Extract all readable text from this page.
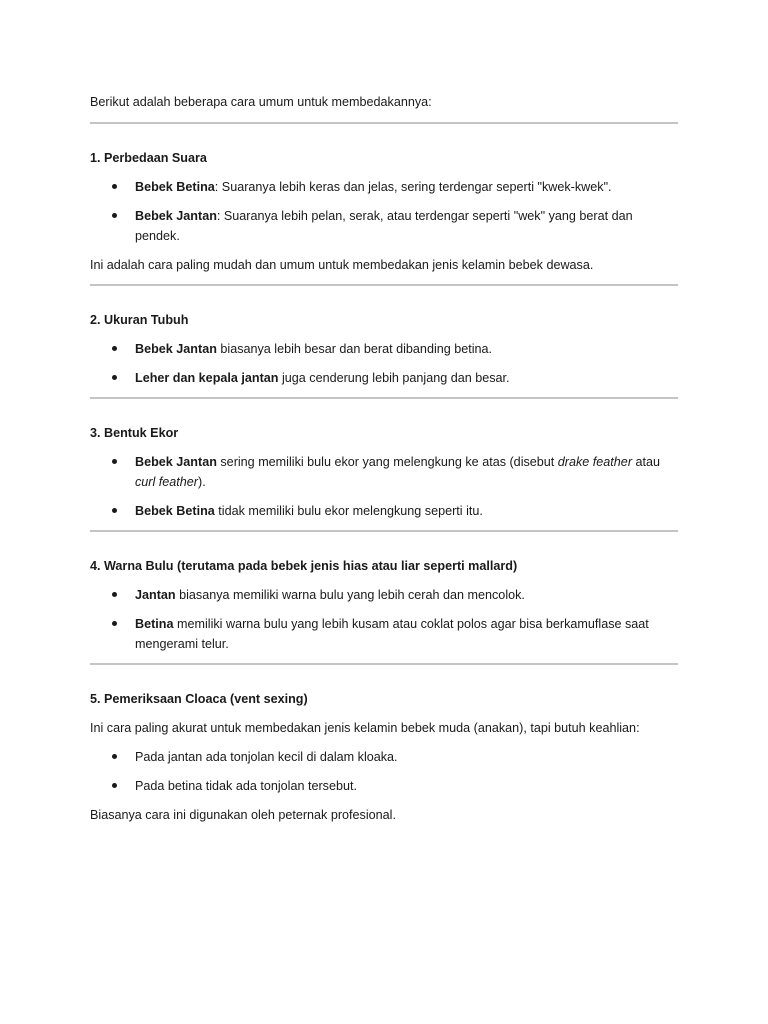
Berikut adalah beberapa cara umum untuk membedakannya:

1. Perbedaan Suara

Bebek Betina: Suaranya lebih keras dan jelas, sering terdengar seperti "kwek-kwek".
Bebek Jantan: Suaranya lebih pelan, serak, atau terdengar seperti "wek" yang berat dan pendek.

Ini adalah cara paling mudah dan umum untuk membedakan jenis kelamin bebek dewasa.

2. Ukuran Tubuh

Bebek Jantan biasanya lebih besar dan berat dibanding betina.
Leher dan kepala jantan juga cenderung lebih panjang dan besar.

3. Bentuk Ekor

Bebek Jantan sering memiliki bulu ekor yang melengkung ke atas (disebut drake feather atau curl feather).
Bebek Betina tidak memiliki bulu ekor melengkung seperti itu.

4. Warna Bulu (terutama pada bebek jenis hias atau liar seperti mallard)

Jantan biasanya memiliki warna bulu yang lebih cerah dan mencolok.
Betina memiliki warna bulu yang lebih kusam atau coklat polos agar bisa berkamuflase saat mengerami telur.

5. Pemeriksaan Cloaca (vent sexing)

Ini cara paling akurat untuk membedakan jenis kelamin bebek muda (anakan), tapi butuh keahlian:

Pada jantan ada tonjolan kecil di dalam kloaka.
Pada betina tidak ada tonjolan tersebut.

Biasanya cara ini digunakan oleh peternak profesional.
